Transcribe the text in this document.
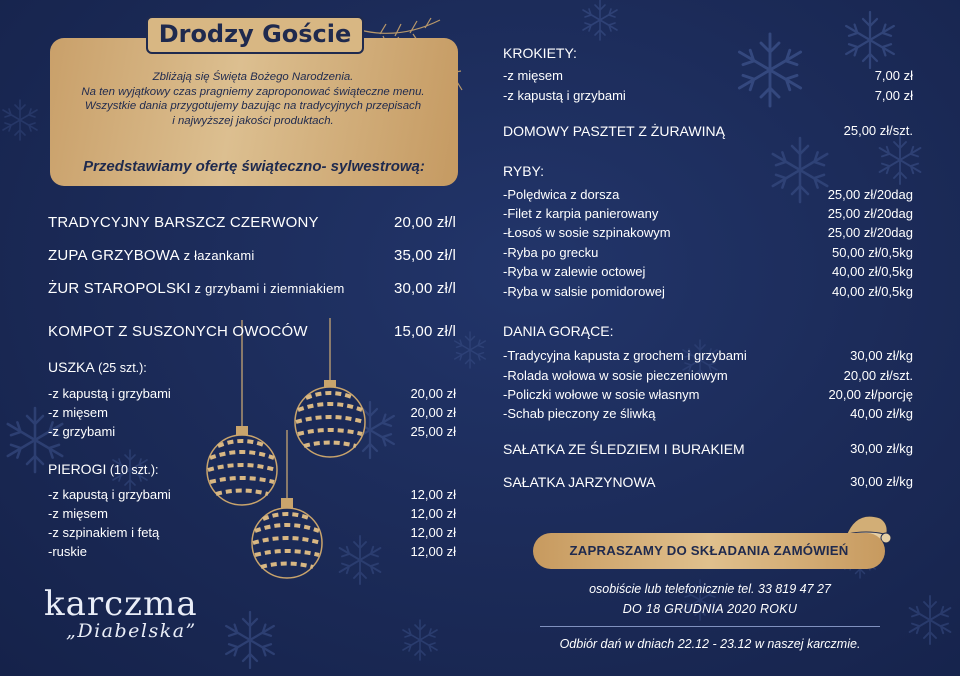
Drodzy Goście
Zbliżają się Święta Bożego Narodzenia.
Na ten wyjątkowy czas pragniemy zaproponować świąteczne menu.
Wszystkie dania przygotujemy bazując na tradycyjnych przepisach
i najwyższej jakości produktach.
Przedstawiamy ofertę świąteczno- sylwestrową:
TRADYCYJNY BARSZCZ CZERWONY	20,00 zł/l
ZUPA GRZYBOWA z łazankami	35,00 zł/l
ŻUR STAROPOLSKI z grzybami i ziemniakiem	30,00 zł/l
KOMPOT Z SUSZONYCH OWOCÓW	15,00 zł/l
USZKA (25 szt.):
-z kapustą i grzybami	20,00 zł
-z mięsem	20,00 zł
-z grzybami	25,00 zł
PIEROGI (10 szt.):
-z kapustą i grzybami	12,00 zł
-z mięsem	12,00 zł
-z szpinakiem i fetą	12,00 zł
-ruskie	12,00 zł
KROKIETY:
-z mięsem	7,00 zł
-z kapustą i grzybami	7,00 zł
DOMOWY PASZTET Z ŻURAWINĄ	25,00 zł/szt.
RYBY:
-Polędwica z dorsza	25,00 zł/20dag
-Filet z karpia panierowany	25,00 zł/20dag
-Łosoś w sosie szpinakowym	25,00 zł/20dag
-Ryba po grecku	50,00 zł/0,5kg
-Ryba w zalewie octowej	40,00 zł/0,5kg
-Ryba w salsie pomidorowej	40,00 zł/0,5kg
DANIA GORĄCE:
-Tradycyjna kapusta z grochem i grzybami	30,00 zł/kg
-Rolada wołowa w sosie pieczeniowym	20,00 zł/szt.
-Policzki wołowe w sosie własnym	20,00 zł/porcję
-Schab pieczony ze śliwką	40,00 zł/kg
SAŁATKA ZE ŚLEDZIEM I BURAKIEM	30,00 zł/kg
SAŁATKA JARZYNOWA	30,00 zł/kg
ZAPRASZAMY DO SKŁADANIA ZAMÓWIEŃ
osobiście lub telefonicznie tel. 33 819 47 27
DO 18 GRUDNIA 2020 ROKU
Odbiór dań w dniach 22.12 - 23.12 w naszej karczmie.
karczma
„Diabelska”
